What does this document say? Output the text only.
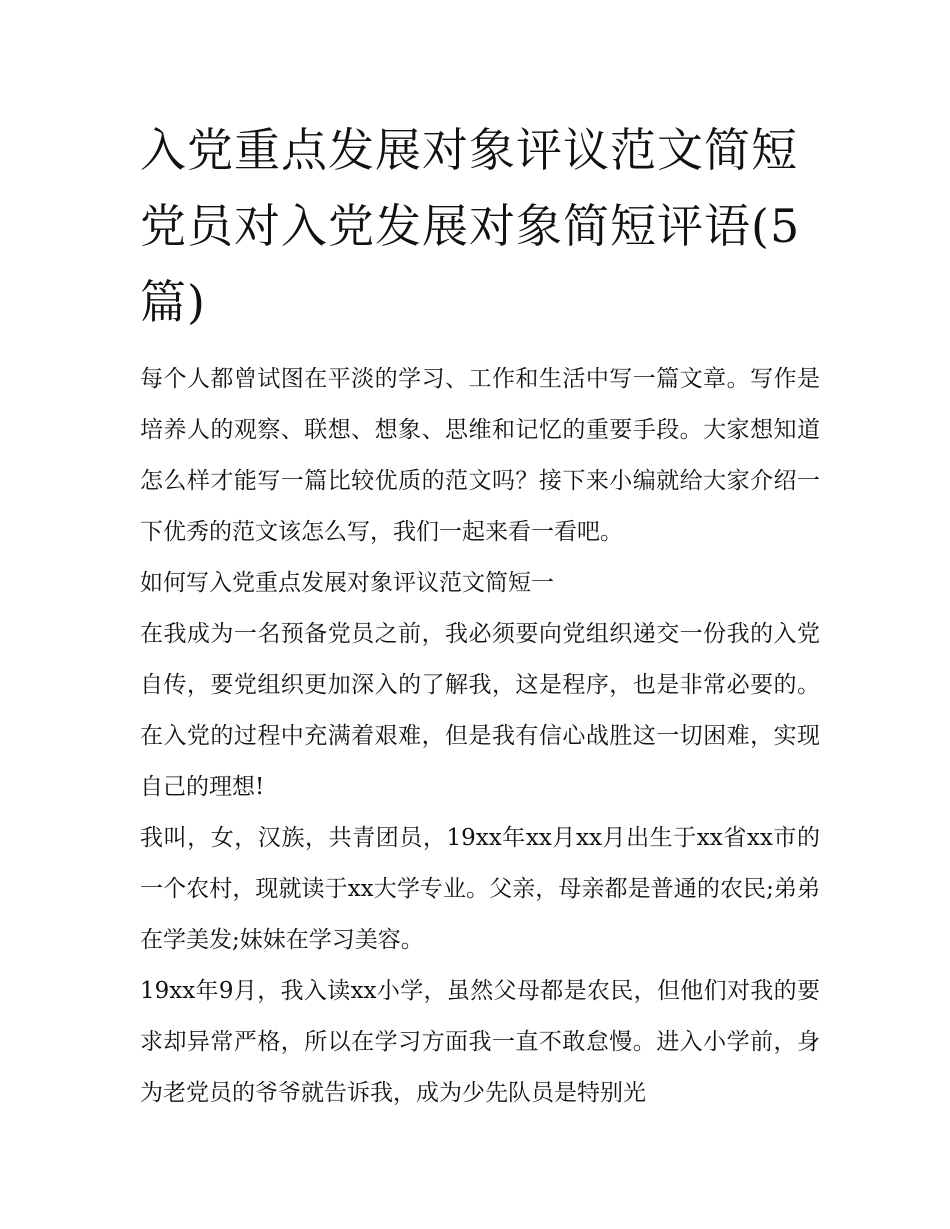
入党重点发展对象评议范文简短 党员对入党发展对象简短评语(5篇)

每个人都曾试图在平淡的学习、工作和生活中写一篇文章。写作是培养人的观察、联想、想象、思维和记忆的重要手段。大家想知道怎么样才能写一篇比较优质的范文吗？接下来小编就给大家介绍一下优秀的范文该怎么写，我们一起来看一看吧。

如何写入党重点发展对象评议范文简短一

在我成为一名预备党员之前，我必须要向党组织递交一份我的入党自传，要党组织更加深入的了解我，这是程序，也是非常必要的。在入党的过程中充满着艰难，但是我有信心战胜这一切困难，实现自己的理想!

我叫，女，汉族，共青团员，19xx年xx月xx月出生于xx省xx市的一个农村，现就读于xx大学专业。父亲，母亲都是普通的农民;弟弟在学美发;妹妹在学习美容。

19xx年9月，我入读xx小学，虽然父母都是农民，但他们对我的要求却异常严格，所以在学习方面我一直不敢怠慢。进入小学前，身为老党员的爷爷就告诉我，成为少先队员是特别光
